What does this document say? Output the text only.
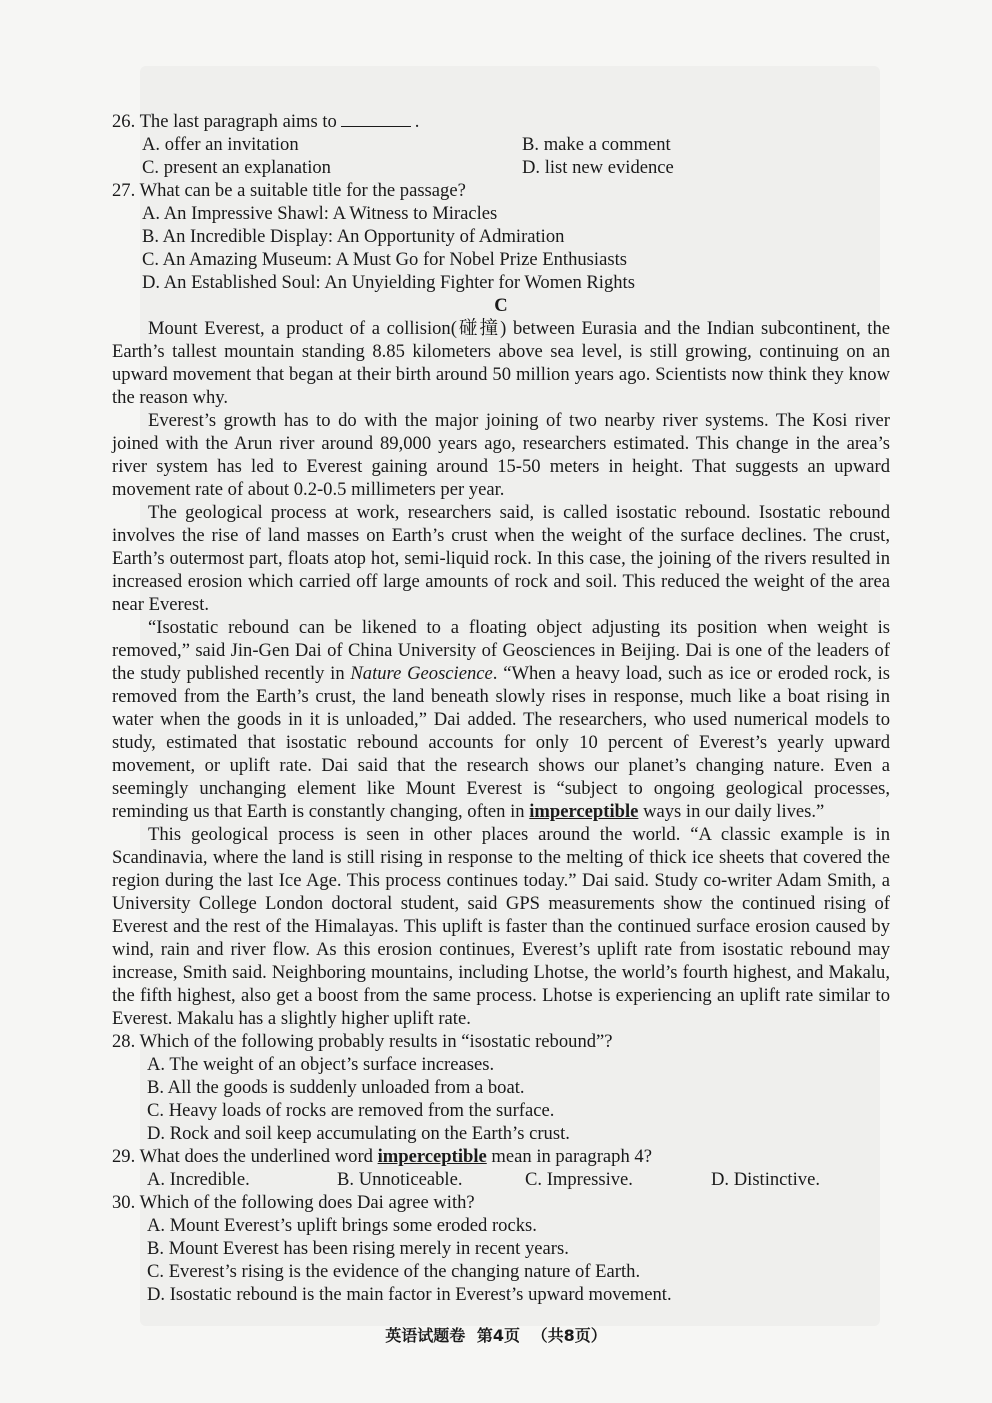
26. The last paragraph aims to	.
A. offer an invitation	B. make a comment
C. present an explanation	D. list new evidence
27. What can be a suitable title for the passage?
A. An Impressive Shawl: A Witness to Miracles
B. An Incredible Display: An Opportunity of Admiration
C. An Amazing Museum: A Must Go for Nobel Prize Enthusiasts
D. An Established Soul: An Unyielding Fighter for Women Rights
C

Mount Everest, a product of a collision(碰撞) between Eurasia and the Indian subcontinent, the Earth’s tallest mountain standing 8.85 kilometers above sea level, is still growing, continuing on an upward movement that began at their birth around 50 million years ago. Scientists now think they know the reason why.

Everest’s growth has to do with the major joining of two nearby river systems. The Kosi river joined with the Arun river around 89,000 years ago, researchers estimated. This change in the area’s river system has led to Everest gaining around 15-50 meters in height. That suggests an upward movement rate of about 0.2-0.5 millimeters per year.

The geological process at work, researchers said, is called isostatic rebound. Isostatic rebound involves the rise of land masses on Earth’s crust when the weight of the surface declines. The crust, Earth’s outermost part, floats atop hot, semi-liquid rock. In this case, the joining of the rivers resulted in increased erosion which carried off large amounts of rock and soil. This reduced the weight of the area near Everest.

“Isostatic rebound can be likened to a floating object adjusting its position when weight is removed,” said Jin-Gen Dai of China University of Geosciences in Beijing. Dai is one of the leaders of the study published recently in Nature Geoscience. “When a heavy load, such as ice or eroded rock, is removed from the Earth’s crust, the land beneath slowly rises in response, much like a boat rising in water when the goods in it is unloaded,” Dai added. The researchers, who used numerical models to study, estimated that isostatic rebound accounts for only 10 percent of Everest’s yearly upward movement, or uplift rate. Dai said that the research shows our planet’s changing nature. Even a seemingly unchanging element like Mount Everest is “subject to ongoing geological processes, reminding us that Earth is constantly changing, often in imperceptible ways in our daily lives.”

This geological process is seen in other places around the world. “A classic example is in Scandinavia, where the land is still rising in response to the melting of thick ice sheets that covered the region during the last Ice Age. This process continues today.” Dai said. Study co-writer Adam Smith, a University College London doctoral student, said GPS measurements show the continued rising of Everest and the rest of the Himalayas. This uplift is faster than the continued surface erosion caused by wind, rain and river flow. As this erosion continues, Everest’s uplift rate from isostatic rebound may increase, Smith said. Neighboring mountains, including Lhotse, the world’s fourth highest, and Makalu, the fifth highest, also get a boost from the same process. Lhotse is experiencing an uplift rate similar to Everest. Makalu has a slightly higher uplift rate.

28. Which of the following probably results in “isostatic rebound”?
A. The weight of an object’s surface increases.
B. All the goods is suddenly unloaded from a boat.
C. Heavy loads of rocks are removed from the surface.
D. Rock and soil keep accumulating on the Earth’s crust.
29. What does the underlined word imperceptible mean in paragraph 4?
A. Incredible.	B. Unnoticeable.	C. Impressive.	D. Distinctive.
30. Which of the following does Dai agree with?
A. Mount Everest’s uplift brings some eroded rocks.
B. Mount Everest has been rising merely in recent years.
C. Everest’s rising is the evidence of the changing nature of Earth.
D. Isostatic rebound is the main factor in Everest’s upward movement.
英语试题卷 第4页 （共8页）
